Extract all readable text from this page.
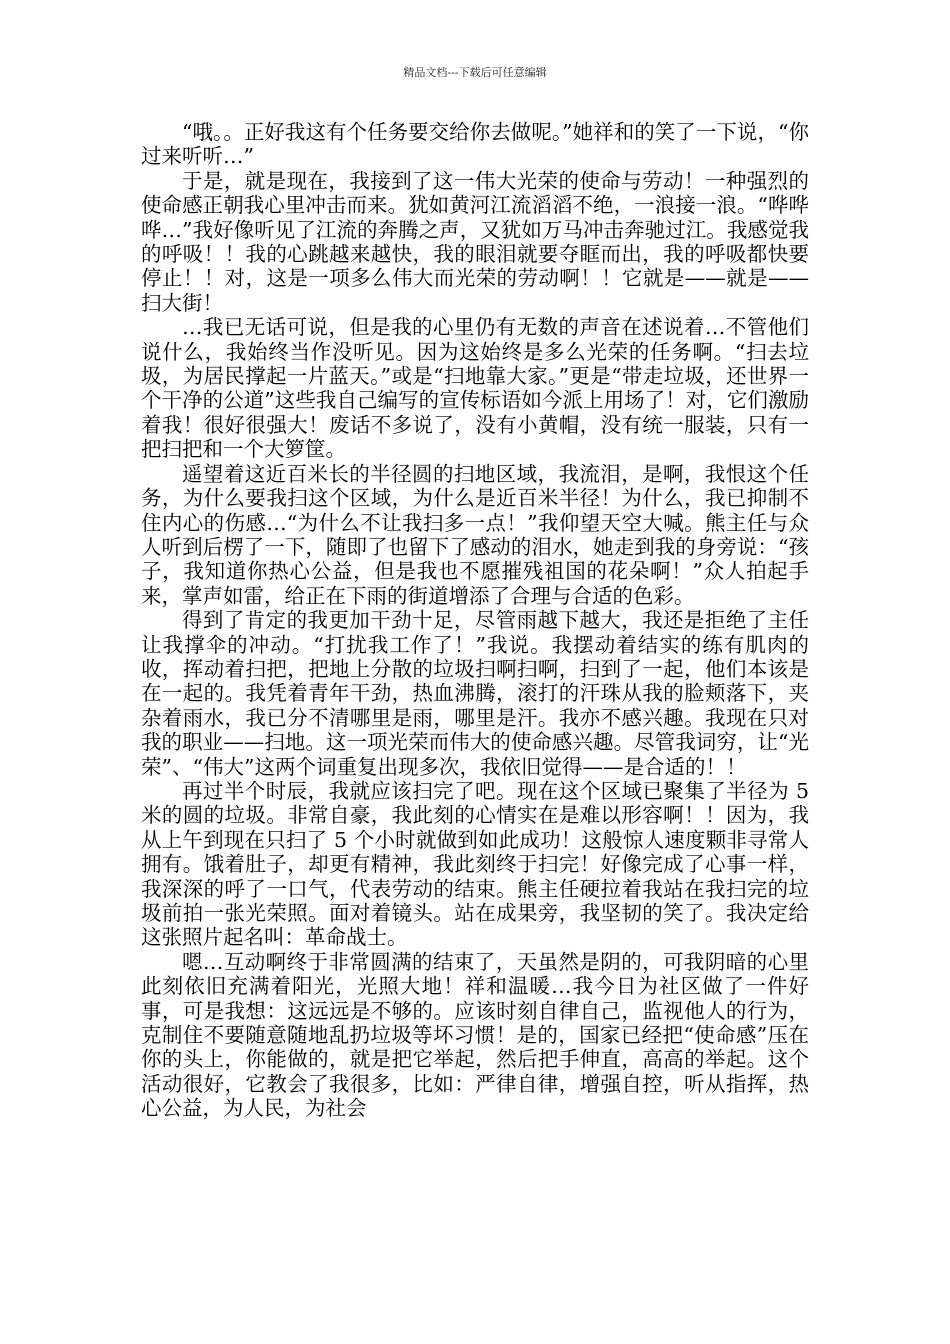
精品文档---下载后可任意编辑

“哦。。正好我这有个任务要交给你去做呢。”她祥和的笑了一下说，“你过来听听…”

于是，就是现在，我接到了这一伟大光荣的使命与劳动！一种强烈的使命感正朝我心里冲击而来。犹如黄河江流滔滔不绝，一浪接一浪。“哗哗哗…”我好像听见了江流的奔腾之声，又犹如万马冲击奔驰过江。我感觉我的呼吸！！我的心跳越来越快，我的眼泪就要夺眶而出，我的呼吸都快要停止！！对，这是一项多么伟大而光荣的劳动啊！！它就是——就是——扫大街！

…我已无话可说，但是我的心里仍有无数的声音在述说着…不管他们说什么，我始终当作没听见。因为这始终是多么光荣的任务啊。“扫去垃圾，为居民撑起一片蓝天。”或是“扫地靠大家。”更是“带走垃圾，还世界一个干净的公道”这些我自己编写的宣传标语如今派上用场了！对，它们激励着我！很好很强大！废话不多说了，没有小黄帽，没有统一服装，只有一把扫把和一个大箩筐。

遥望着这近百米长的半径圆的扫地区域，我流泪，是啊，我恨这个任务，为什么要我扫这个区域，为什么是近百米半径！为什么，我已抑制不住内心的伤感…“为什么不让我扫多一点！”我仰望天空大喊。熊主任与众人听到后楞了一下，随即了也留下了感动的泪水，她走到我的身旁说：“孩子，我知道你热心公益，但是我也不愿摧残祖国的花朵啊！”众人拍起手来，掌声如雷，给正在下雨的街道增添了合理与合适的色彩。

得到了肯定的我更加干劲十足，尽管雨越下越大，我还是拒绝了主任让我撑伞的冲动。“打扰我工作了！”我说。我摆动着结实的练有肌肉的收，挥动着扫把，把地上分散的垃圾扫啊扫啊，扫到了一起，他们本该是在一起的。我凭着青年干劲，热血沸腾，滚打的汗珠从我的脸颊落下，夹杂着雨水，我已分不清哪里是雨，哪里是汗。我亦不感兴趣。我现在只对我的职业——扫地。这一项光荣而伟大的使命感兴趣。尽管我词穷，让“光荣”、“伟大”这两个词重复出现多次，我依旧觉得——是合适的！！

再过半个时辰，我就应该扫完了吧。现在这个区域已聚集了半径为 5 米的圆的垃圾。非常自豪，我此刻的心情实在是难以形容啊！！因为，我从上午到现在只扫了 5 个小时就做到如此成功！这般惊人速度颗非寻常人拥有。饿着肚子，却更有精神，我此刻终于扫完！好像完成了心事一样，我深深的呼了一口气，代表劳动的结束。熊主任硬拉着我站在我扫完的垃圾前拍一张光荣照。面对着镜头。站在成果旁，我坚韧的笑了。我决定给这张照片起名叫：革命战士。

嗯…互动啊终于非常圆满的结束了，天虽然是阴的，可我阴暗的心里此刻依旧充满着阳光，光照大地！祥和温暖…我今日为社区做了一件好事，可是我想：这远远是不够的。应该时刻自律自己，监视他人的行为，克制住不要随意随地乱扔垃圾等坏习惯！是的，国家已经把“使命感”压在你的头上，你能做的，就是把它举起，然后把手伸直，高高的举起。这个活动很好，它教会了我很多，比如：严律自律，增强自控，听从指挥，热心公益，为人民，为社会
